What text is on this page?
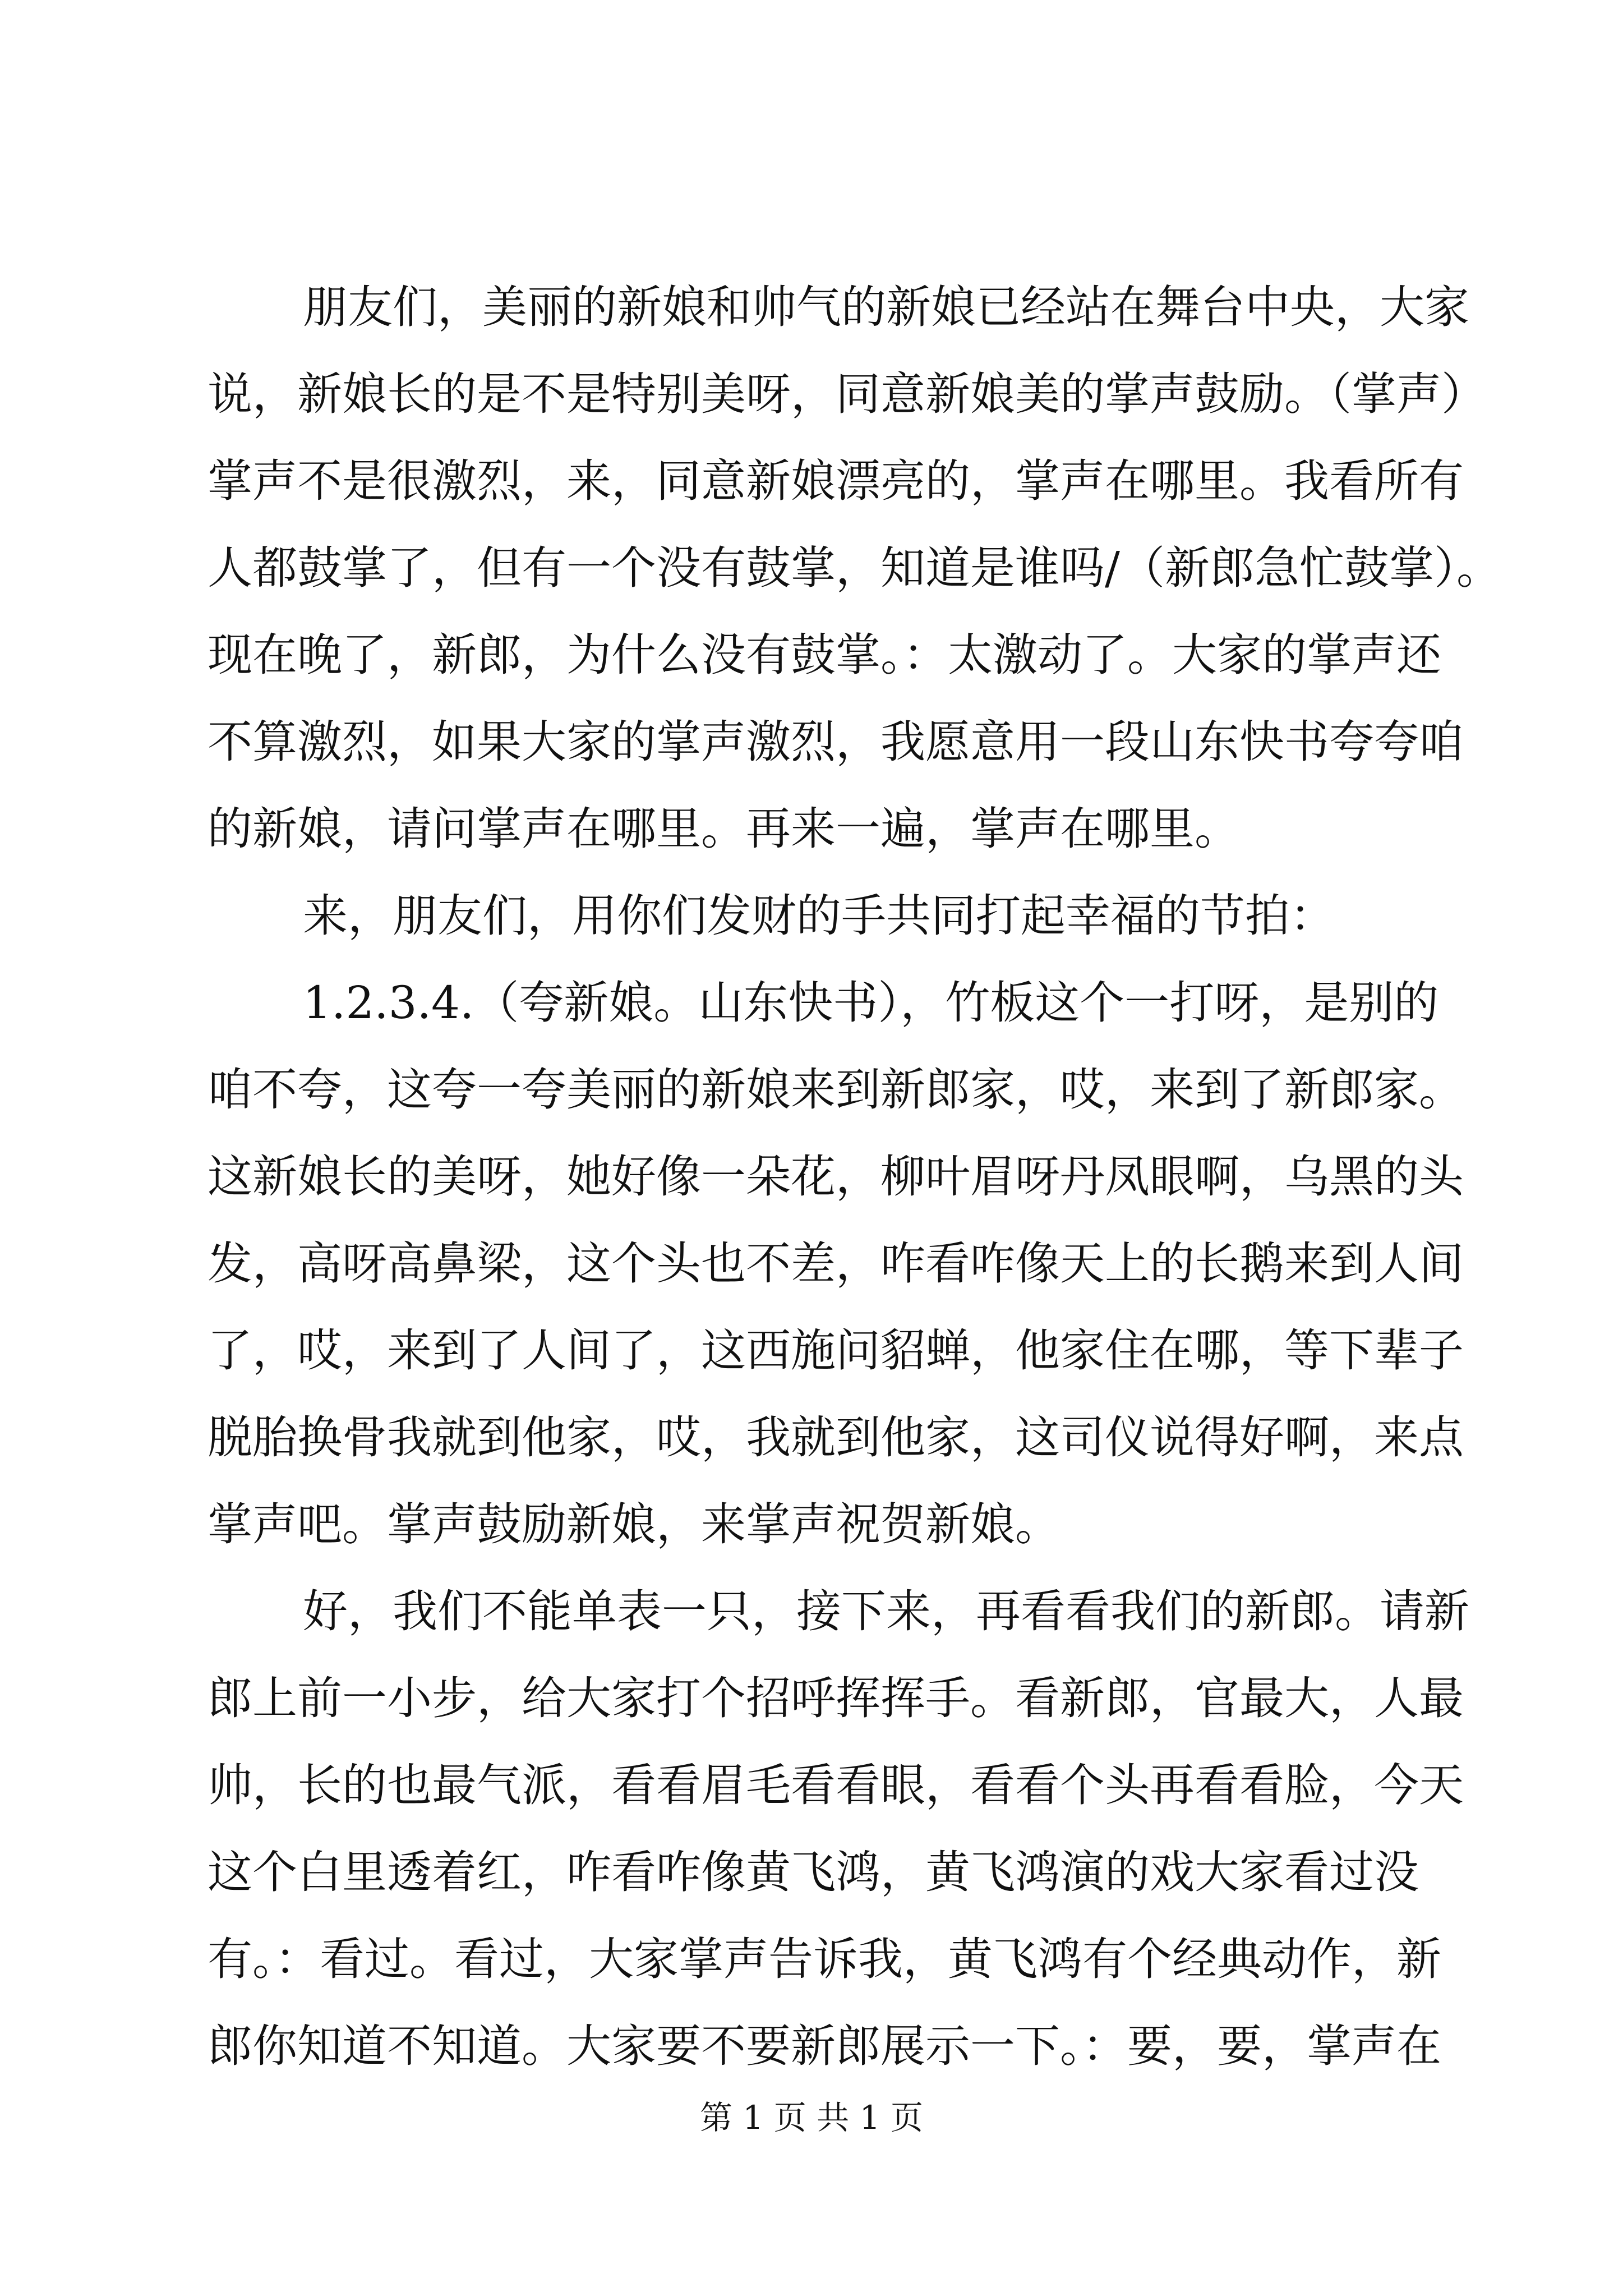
朋友们，美丽的新娘和帅气的新娘已经站在舞台中央，大家
说，新娘长的是不是特别美呀，同意新娘美的掌声鼓励。（掌声）
掌声不是很激烈，来，同意新娘漂亮的，掌声在哪里。我看所有
人都鼓掌了，但有一个没有鼓掌，知道是谁吗/（新郎急忙鼓掌）。
现在晚了，新郎，为什么没有鼓掌。：太激动了。大家的掌声还
不算激烈，如果大家的掌声激烈，我愿意用一段山东快书夸夸咱
的新娘，请问掌声在哪里。再来一遍，掌声在哪里。
来，朋友们，用你们发财的手共同打起幸福的节拍：
1.2.3.4.（夸新娘。山东快书），竹板这个一打呀，是别的
咱不夸，这夸一夸美丽的新娘来到新郎家，哎，来到了新郎家。
这新娘长的美呀，她好像一朵花，柳叶眉呀丹凤眼啊，乌黑的头
发，高呀高鼻梁，这个头也不差，咋看咋像天上的长鹅来到人间
了，哎，来到了人间了，这西施问貂蝉，他家住在哪，等下辈子
脱胎换骨我就到他家，哎，我就到他家，这司仪说得好啊，来点
掌声吧。掌声鼓励新娘，来掌声祝贺新娘。
好，我们不能单表一只，接下来，再看看我们的新郎。请新
郎上前一小步，给大家打个招呼挥挥手。看新郎，官最大，人最
帅，长的也最气派，看看眉毛看看眼，看看个头再看看脸，今天
这个白里透着红，咋看咋像黄飞鸿，黄飞鸿演的戏大家看过没
有。：看过。看过，大家掌声告诉我，黄飞鸿有个经典动作，新
郎你知道不知道。大家要不要新郎展示一下。：要，要，掌声在
第 1 页 共 1 页
